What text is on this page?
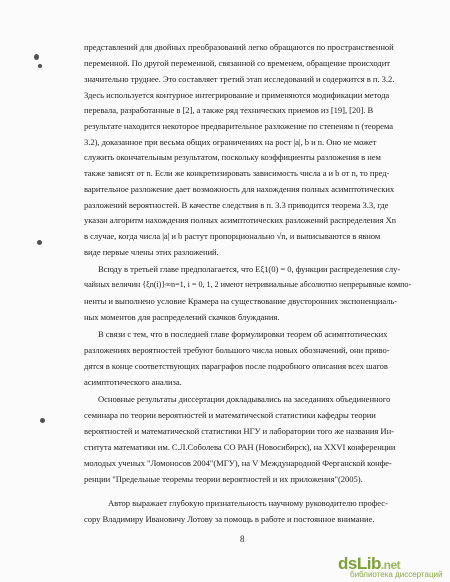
представлений для двойных преобразований легко обращаются по пространственной
переменной. По другой переменной, связанной со временем, обращение происходит
значительно труднее. Это составляет третий этап исследований и содержится в п. 3.2.
Здесь используется контурное интегрирование и применяются модификации метода
перевала, разработанные в [2], а также ряд технических приемов из [19], [20]. В
результате находится некоторое предварительное разложение по степеням n (теорема
3.2), доказанное при весьма общих ограничениях на рост |a|, b и n. Оно не может
служить окончательным результатом, поскольку коэффициенты разложения в нем
также зависят от n. Если же конкретизировать зависимость числа a и b от n, то пред-
варительное разложение дает возможность для нахождения полных асимптотических
разложений вероятностей. В качестве следствия в п. 3.3 приводится теорема 3.3, где
указан алгоритм нахождения полных асимптотических разложений распределения Xn
в случае, когда числа |a| и b растут пропорционально √n, и выписываются в явном
виде первые члены этих разложений.
Всюду в третьей главе предполагается, что Eξ1(0) = 0, функции распределения слу-
чайных величин {ξn(i)}∞n=1, i = 0, 1, 2 имеют нетривиальные абсолютно непрерывные компо-
ненты и выполнено условие Крамера на существование двусторонних экспоненциаль-
ных моментов для распределений скачков блуждания.
В связи с тем, что в последней главе формулировки теорем об асимптотических
разложениях вероятностей требуют большого числа новых обозначений, они приво-
дятся в конце соответствующих параграфов после подробного описания всех шагов
асимптотического анализа.
Основные результаты диссертации докладывались на заседаниях объединенного
семинара по теории вероятностей и математической статистики кафедры теории
вероятностей и математической статистики НГУ и лаборатории того же названия Ин-
ститута математики им. С.Л.Соболева СО РАН (Новосибирск), на XXVI конференции
молодых ученых "Ломоносов 2004"(МГУ), на V Международной Ферганской конфе-
ренции "Предельные теоремы теории вероятностей и их приложения"(2005).
Автор выражает глубокую признательность научному руководителю профес-
сору Владимиру Ивановичу Лотову за помощь в работе и постоянное внимание.
8
dsLib.net
библиотека диссертаций
